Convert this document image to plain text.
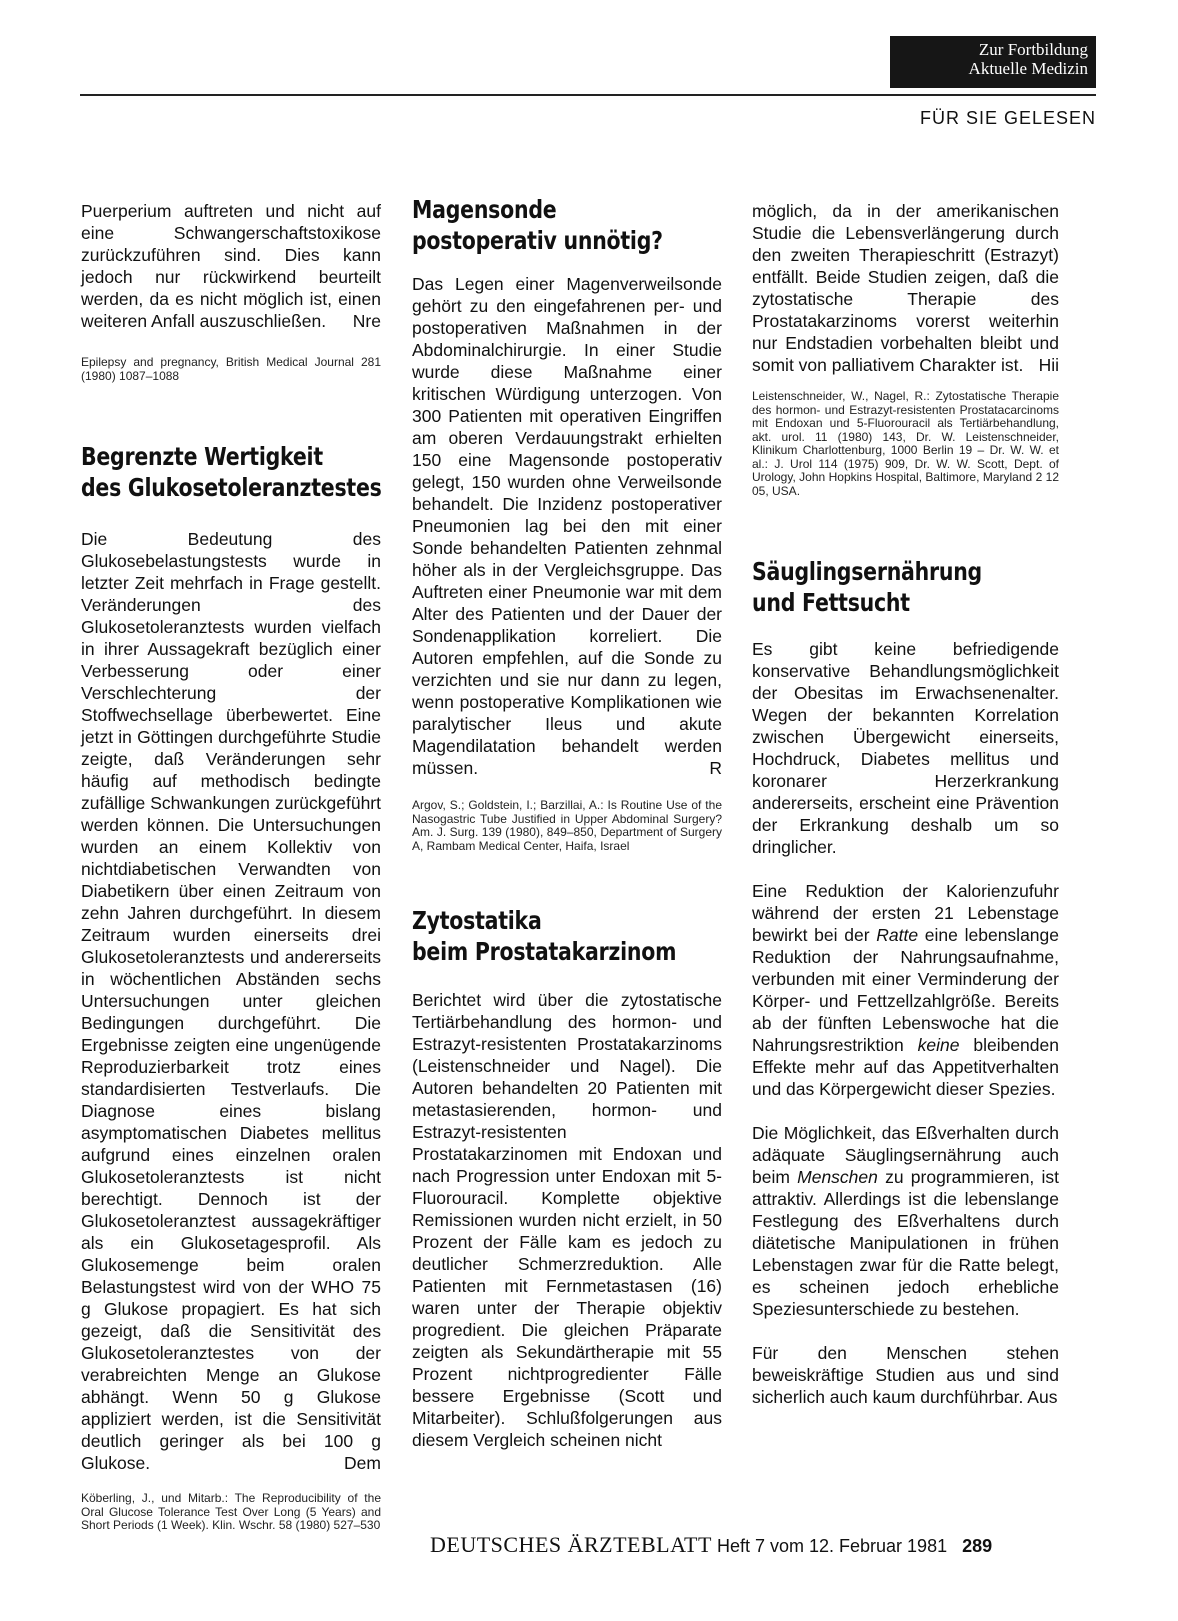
Zur Fortbildung
Aktuelle Medizin
FÜR SIE GELESEN

Puerperium auftreten und nicht auf eine Schwangerschaftstoxikose zurückzuführen sind. Dies kann jedoch nur rückwirkend beurteilt werden, da es nicht möglich ist, einen weiteren Anfall auszuschließen. Nre

Epilepsy and pregnancy, British Medical Journal 281 (1980) 1087–1088

Begrenzte Wertigkeit
des Glukosetoleranztestes

Die Bedeutung des Glukosebelastungstests wurde in letzter Zeit mehrfach in Frage gestellt. Veränderungen des Glukosetoleranztests wurden vielfach in ihrer Aussagekraft bezüglich einer Verbesserung oder einer Verschlechterung der Stoffwechsellage überbewertet. Eine jetzt in Göttingen durchgeführte Studie zeigte, daß Veränderungen sehr häufig auf methodisch bedingte zufällige Schwankungen zurückgeführt werden können. Die Untersuchungen wurden an einem Kollektiv von nichtdiabetischen Verwandten von Diabetikern über einen Zeitraum von zehn Jahren durchgeführt. In diesem Zeitraum wurden einerseits drei Glukosetoleranztests und andererseits in wöchentlichen Abständen sechs Untersuchungen unter gleichen Bedingungen durchgeführt. Die Ergebnisse zeigten eine ungenügende Reproduzierbarkeit trotz eines standardisierten Testverlaufs. Die Diagnose eines bislang asymptomatischen Diabetes mellitus aufgrund eines einzelnen oralen Glukosetoleranztests ist nicht berechtigt. Dennoch ist der Glukosetoleranztest aussagekräftiger als ein Glukosetagesprofil. Als Glukosemenge beim oralen Belastungstest wird von der WHO 75 g Glukose propagiert. Es hat sich gezeigt, daß die Sensitivität des Glukosetoleranztestes von der verabreichten Menge an Glukose abhängt. Wenn 50 g Glukose appliziert werden, ist die Sensitivität deutlich geringer als bei 100 g Glukose.	Dem

Köberling, J., und Mitarb.: The Reproducibility of the Oral Glucose Tolerance Test Over Long (5 Years) and Short Periods (1 Week). Klin. Wschr. 58 (1980) 527–530

Magensonde
postoperativ unnötig?

Das Legen einer Magenverweilsonde gehört zu den eingefahrenen per- und postoperativen Maßnahmen in der Abdominalchirurgie. In einer Studie wurde diese Maßnahme einer kritischen Würdigung unterzogen. Von 300 Patienten mit operativen Eingriffen am oberen Verdauungstrakt erhielten 150 eine Magensonde postoperativ gelegt, 150 wurden ohne Verweilsonde behandelt. Die Inzidenz postoperativer Pneumonien lag bei den mit einer Sonde behandelten Patienten zehnmal höher als in der Vergleichsgruppe. Das Auftreten einer Pneumonie war mit dem Alter des Patienten und der Dauer der Sondenapplikation korreliert. Die Autoren empfehlen, auf die Sonde zu verzichten und sie nur dann zu legen, wenn postoperative Komplikationen wie paralytischer Ileus und akute Magendilatation behandelt werden müssen.	R

Argov, S.; Goldstein, I.; Barzillai, A.: Is Routine Use of the Nasogastric Tube Justified in Upper Abdominal Surgery? Am. J. Surg. 139 (1980), 849–850, Department of Surgery A, Rambam Medical Center, Haifa, Israel

Zytostatika
beim Prostatakarzinom

Berichtet wird über die zytostatische Tertiärbehandlung des hormon- und Estrazyt-resistenten Prostatakarzinoms (Leistenschneider und Nagel). Die Autoren behandelten 20 Patienten mit metastasierenden, hormon- und Estrazyt-resistenten Prostatakarzinomen mit Endoxan und nach Progression unter Endoxan mit 5-Fluorouracil. Komplette objektive Remissionen wurden nicht erzielt, in 50 Prozent der Fälle kam es jedoch zu deutlicher Schmerzreduktion. Alle Patienten mit Fernmetastasen (16) waren unter der Therapie objektiv progredient. Die gleichen Präparate zeigten als Sekundärtherapie mit 55 Prozent nichtprogredienter Fälle bessere Ergebnisse (Scott und Mitarbeiter). Schlußfolgerungen aus diesem Vergleich scheinen nicht

möglich, da in der amerikanischen Studie die Lebensverlängerung durch den zweiten Therapieschritt (Estrazyt) entfällt. Beide Studien zeigen, daß die zytostatische Therapie des Prostatakarzinoms vorerst weiterhin nur Endstadien vorbehalten bleibt und somit von palliativem Charakter ist. Hii

Leistenschneider, W., Nagel, R.: Zytostatische Therapie des hormon- und Estrazyt-resistenten Prostatacarcinoms mit Endoxan und 5-Fluorouracil als Tertiärbehandlung, akt. urol. 11 (1980) 143, Dr. W. Leistenschneider, Klinikum Charlottenburg, 1000 Berlin 19 – Dr. W. W. et al.: J. Urol 114 (1975) 909, Dr. W. W. Scott, Dept. of Urology, John Hopkins Hospital, Baltimore, Maryland 2 12 05, USA.

Säuglingsernährung
und Fettsucht

Es gibt keine befriedigende konservative Behandlungsmöglichkeit der Obesitas im Erwachsenenalter. Wegen der bekannten Korrelation zwischen Übergewicht einerseits, Hochdruck, Diabetes mellitus und koronarer Herzerkrankung andererseits, erscheint eine Prävention der Erkrankung deshalb um so dringlicher.

Eine Reduktion der Kalorienzufuhr während der ersten 21 Lebenstage bewirkt bei der Ratte eine lebenslange Reduktion der Nahrungsaufnahme, verbunden mit einer Verminderung der Körper- und Fettzellzahlgröße. Bereits ab der fünften Lebenswoche hat die Nahrungsrestriktion keine bleibenden Effekte mehr auf das Appetitverhalten und das Körpergewicht dieser Spezies.

Die Möglichkeit, das Eßverhalten durch adäquate Säuglingsernährung auch beim Menschen zu programmieren, ist attraktiv. Allerdings ist die lebenslange Festlegung des Eßverhaltens durch diätetische Manipulationen in frühen Lebenstagen zwar für die Ratte belegt, es scheinen jedoch erhebliche Speziesunterschiede zu bestehen.

Für den Menschen stehen beweiskräftige Studien aus und sind sicherlich auch kaum durchführbar. Aus

DEUTSCHES ÄRZTEBLATT Heft 7 vom 12. Februar 1981 289
